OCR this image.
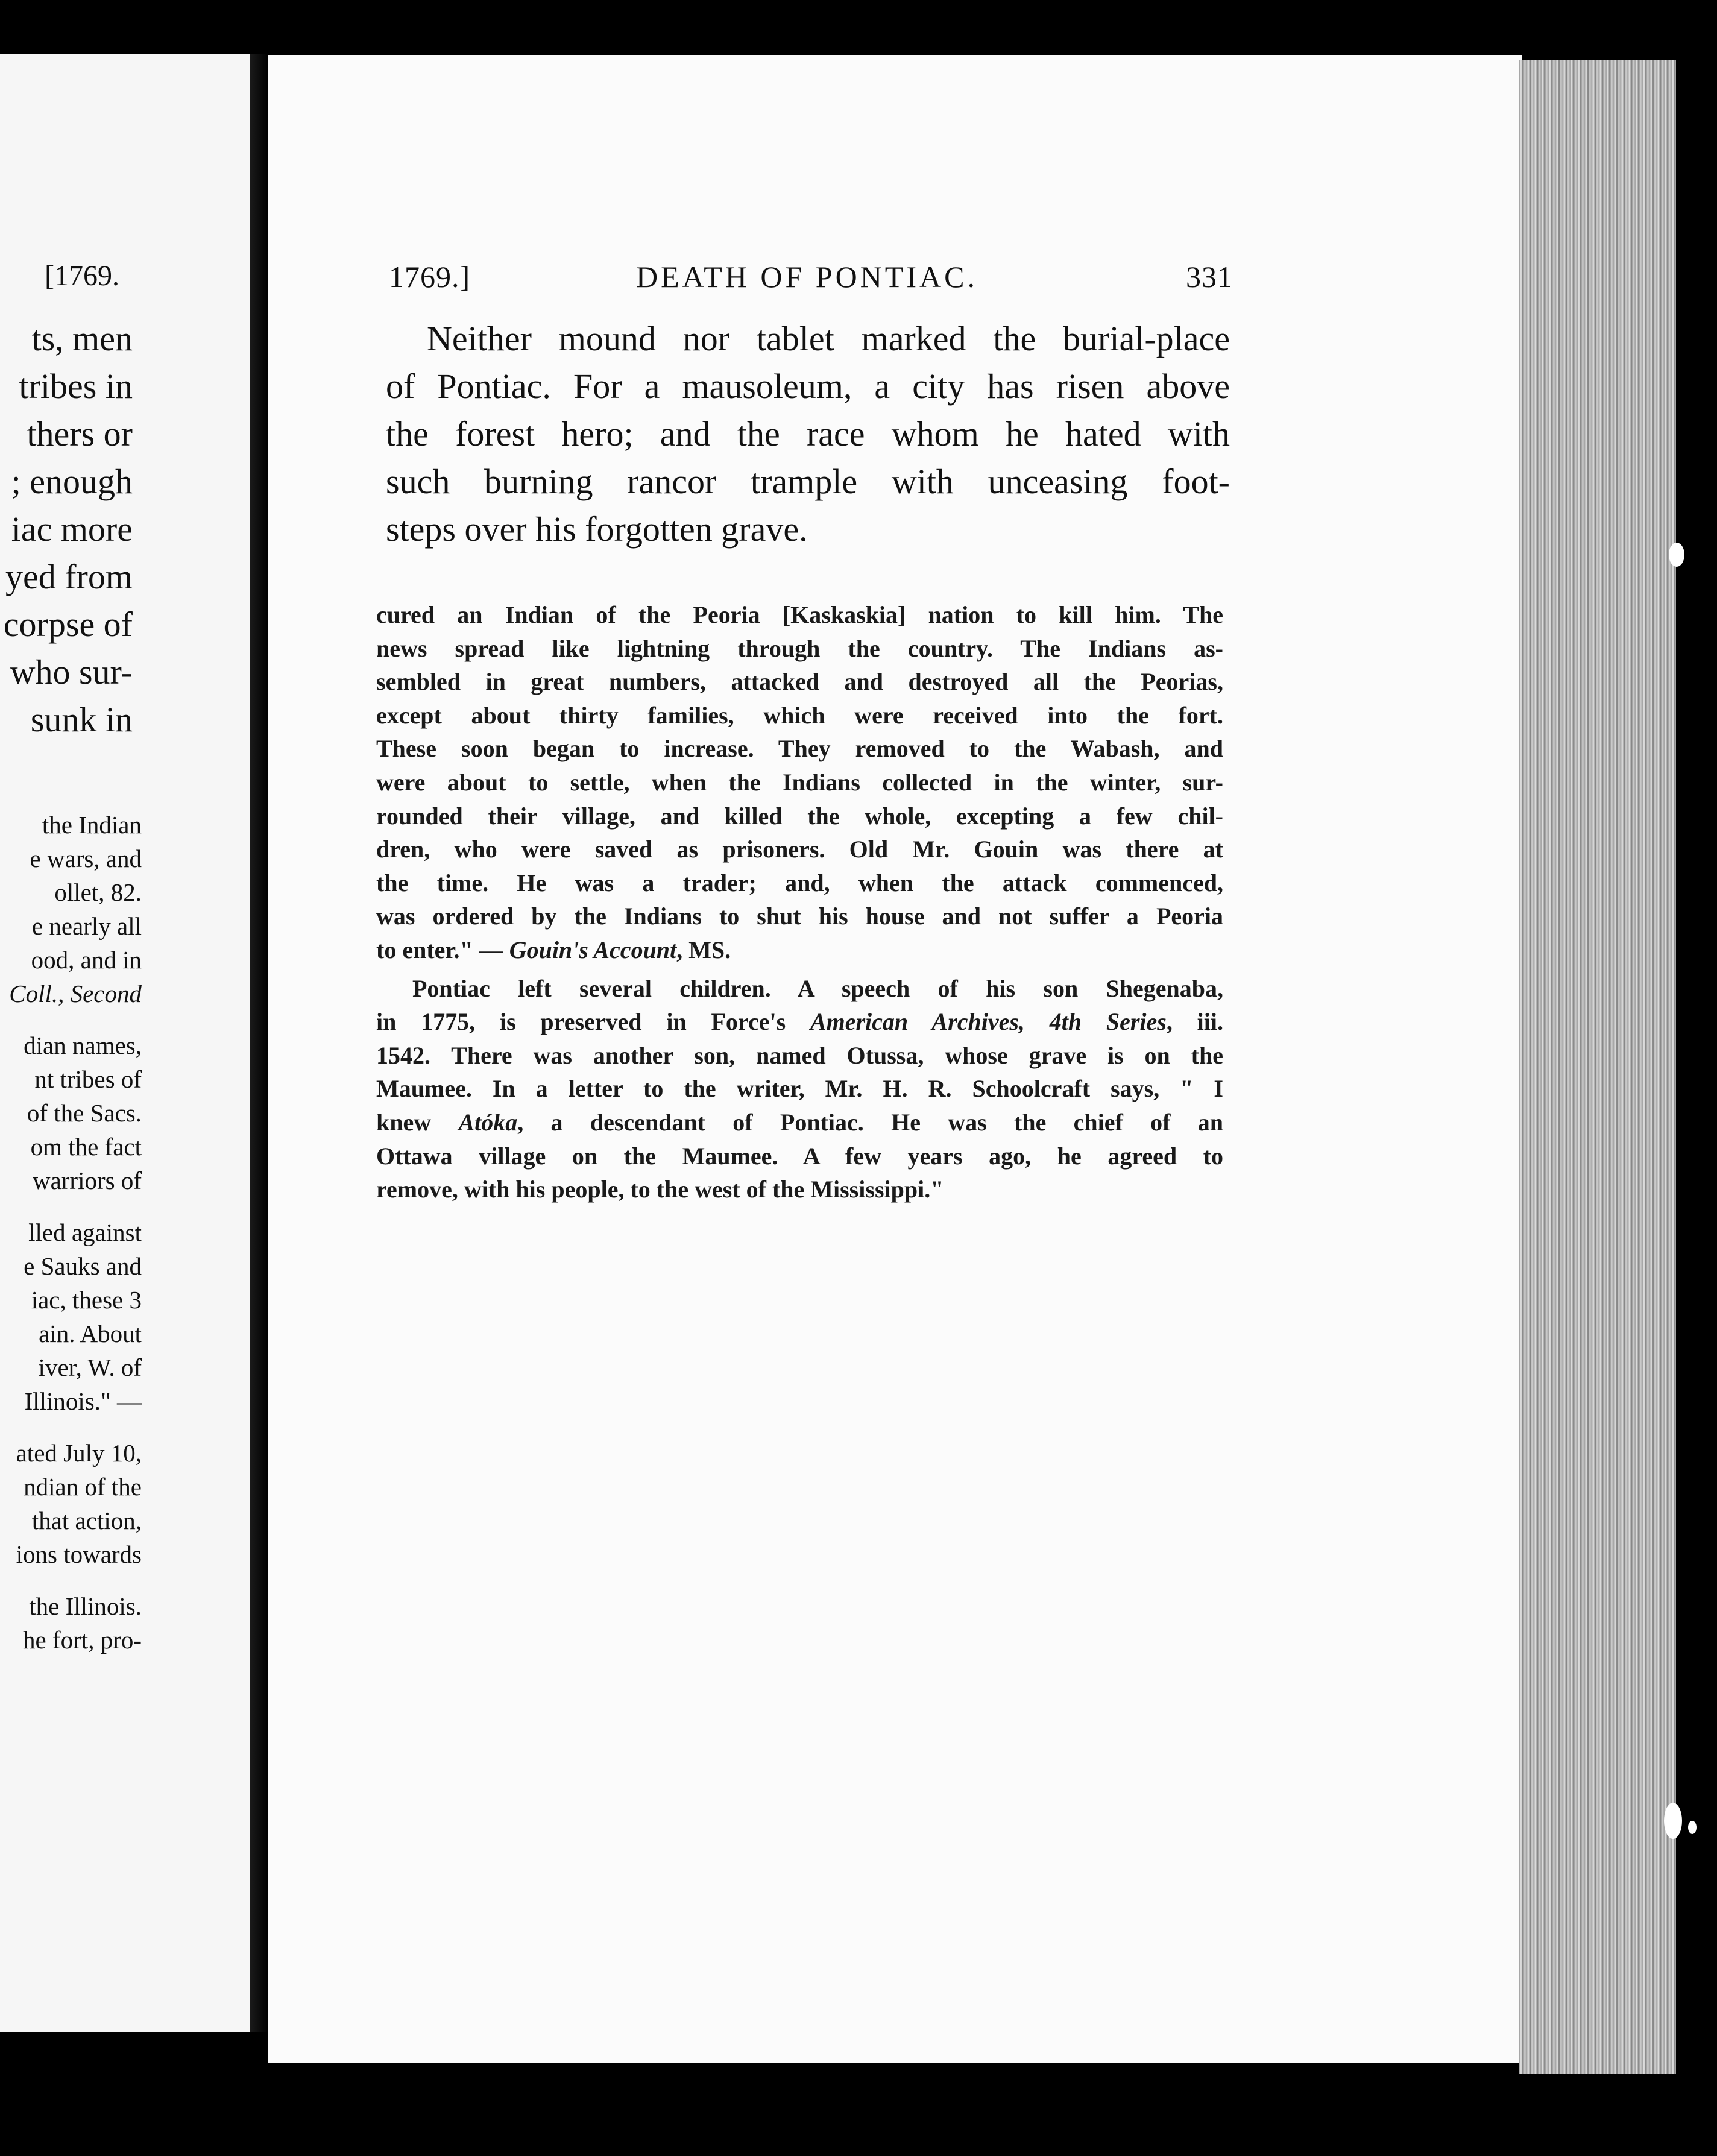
[1769.
ts, men
tribes in
thers or
; enough
iac more
yed from
corpse of
who sur-
sunk in
the Indian
e wars, and
ollet, 82.
e nearly all
ood, and in
Coll., Second
dian names,
nt tribes of
of the Sacs.
om the fact
warriors of
lled against
e Sauks and
iac, these 3
ain. About
iver, W. of
Illinois." —
ated July 10,
ndian of the
that action,
ions towards
the Illinois.
he fort, pro-
1769.]	DEATH OF PONTIAC.	331
Neither mound nor tablet marked the burial-place
of Pontiac. For a mausoleum, a city has risen above
the forest hero; and the race whom he hated with
such burning rancor trample with unceasing foot-
steps over his forgotten grave.
cured an Indian of the Peoria [Kaskaskia] nation to kill him. The
news spread like lightning through the country. The Indians as-
sembled in great numbers, attacked and destroyed all the Peorias,
except about thirty families, which were received into the fort.
These soon began to increase. They removed to the Wabash, and
were about to settle, when the Indians collected in the winter, sur-
rounded their village, and killed the whole, excepting a few chil-
dren, who were saved as prisoners. Old Mr. Gouin was there at
the time. He was a trader; and, when the attack commenced,
was ordered by the Indians to shut his house and not suffer a Peoria
to enter." — Gouin's Account, MS.
Pontiac left several children. A speech of his son Shegenaba,
in 1775, is preserved in Force's American Archives, 4th Series, iii.
1542. There was another son, named Otussa, whose grave is on the
Maumee. In a letter to the writer, Mr. H. R. Schoolcraft says, " I
knew Atóka, a descendant of Pontiac. He was the chief of an
Ottawa village on the Maumee. A few years ago, he agreed to
remove, with his people, to the west of the Mississippi."
